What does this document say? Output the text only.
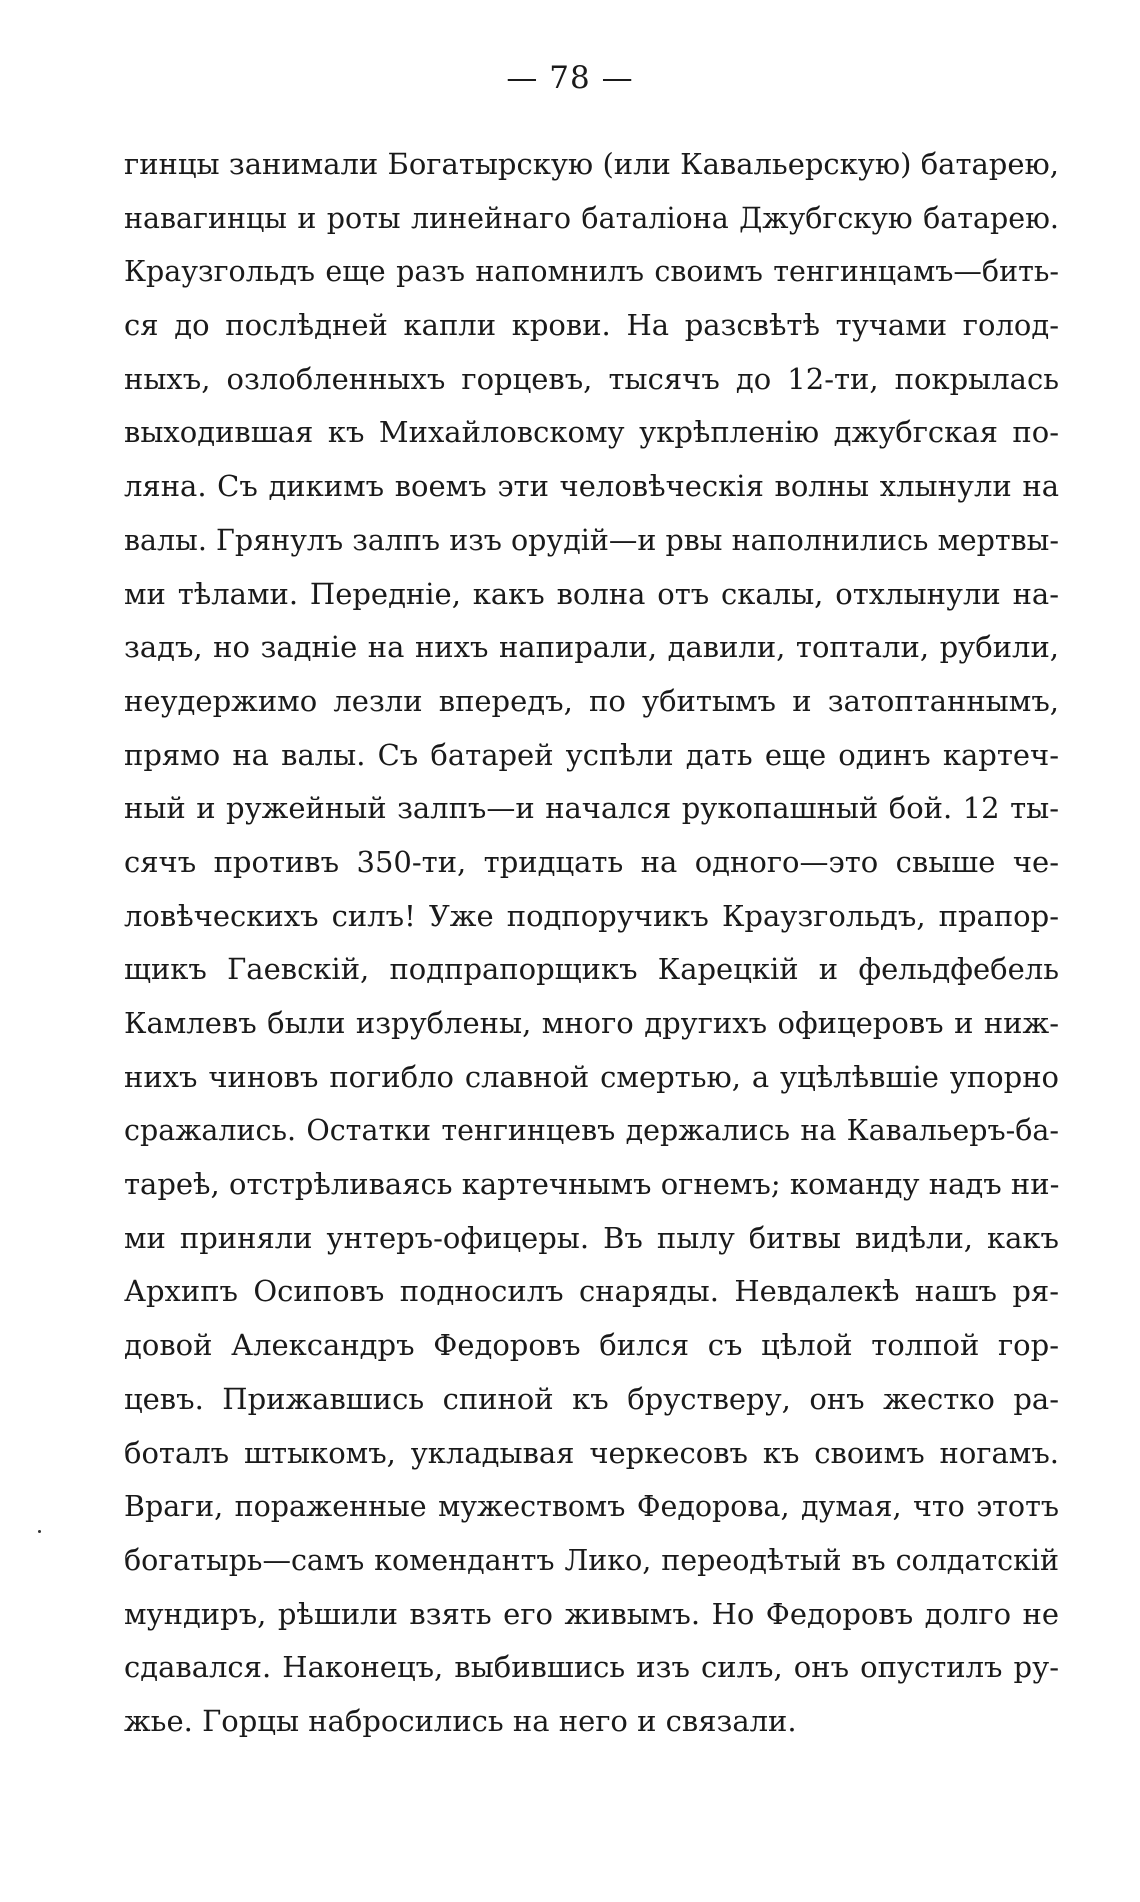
— 78 —
гинцы занимали Богатырскую (или Кавальерскую) батарею,
навагинцы и роты линейнаго баталіона Джубгскую батарею.
Краузгольдъ еще разъ напомнилъ своимъ тенгинцамъ—бить-
ся до послѣдней капли крови. На разсвѣтѣ тучами голод-
ныхъ, озлобленныхъ горцевъ, тысячъ до 12-ти, покрылась
выходившая къ Михайловскому укрѣпленію джубгская по-
ляна. Съ дикимъ воемъ эти человѣческія волны хлынули на
валы. Грянулъ залпъ изъ орудій—и рвы наполнились мертвы-
ми тѣлами. Передніе, какъ волна отъ скалы, отхлынули на-
задъ, но задніе на нихъ напирали, давили, топтали, рубили,
неудержимо лезли впередъ, по убитымъ и затоптаннымъ,
прямо на валы. Съ батарей успѣли дать еще одинъ картеч-
ный и ружейный залпъ—и начался рукопашный бой. 12 ты-
сячъ противъ 350-ти, тридцать на одного—это свыше че-
ловѣческихъ силъ! Уже подпоручикъ Краузгольдъ, прапор-
щикъ Гаевскій, подпрапорщикъ Карецкій и фельдфебель
Камлевъ были изрублены, много другихъ офицеровъ и ниж-
нихъ чиновъ погибло славной смертью, а уцѣлѣвшіе упорно
сражались. Остатки тенгинцевъ держались на Кавальеръ-ба-
тареѣ, отстрѣливаясь картечнымъ огнемъ; команду надъ ни-
ми приняли унтеръ-офицеры. Въ пылу битвы видѣли, какъ
Архипъ Осиповъ подносилъ снаряды. Невдалекѣ нашъ ря-
довой Александръ Федоровъ бился съ цѣлой толпой гор-
цевъ. Прижавшись спиной къ брустверу, онъ жестко ра-
боталъ штыкомъ, укладывая черкесовъ къ своимъ ногамъ.
Враги, пораженные мужествомъ Федорова, думая, что этотъ
богатырь—самъ комендантъ Лико, переодѣтый въ солдатскій
мундиръ, рѣшили взять его живымъ. Но Федоровъ долго не
сдавался. Наконецъ, выбившись изъ силъ, онъ опустилъ ру-
жье. Горцы набросились на него и связали.
